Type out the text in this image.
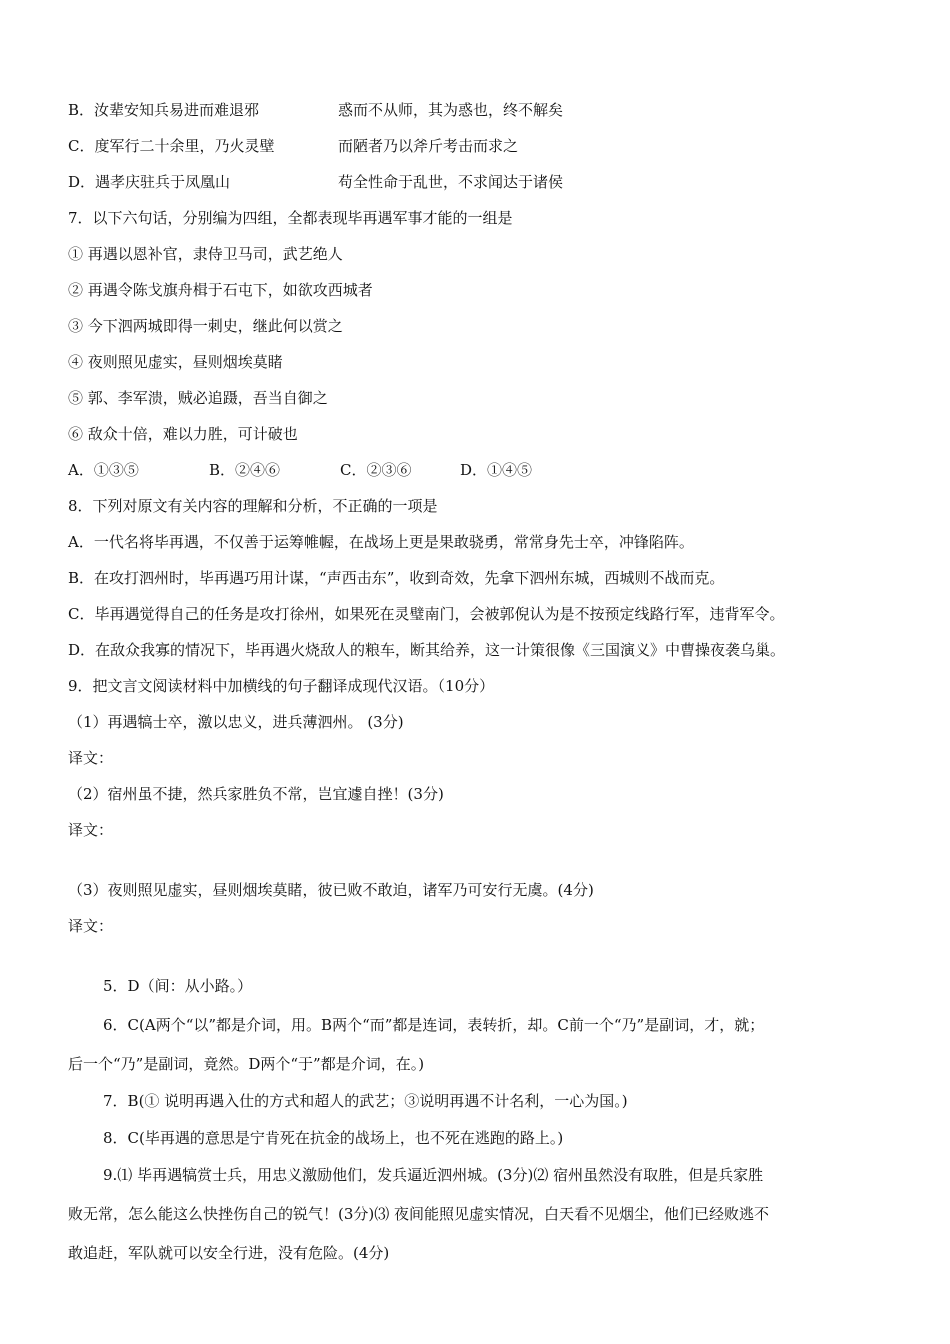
B．汝辈安知兵易进而难退邪	惑而不从师，其为惑也，终不解矣
C．度军行二十余里，乃火灵壁	而陋者乃以斧斤考击而求之
D．遇孝庆驻兵于凤凰山	苟全性命于乱世，不求闻达于诸侯
7．以下六句话，分别编为四组，全都表现毕再遇军事才能的一组是
① 再遇以恩补官，隶侍卫马司，武艺绝人
② 再遇令陈戈旗舟楫于石屯下，如欲攻西城者
③ 今下泗两城即得一刺史，继此何以赏之
④ 夜则照见虚实，昼则烟埃莫睹
⑤ 郭、李军溃，贼必追蹑，吾当自御之
⑥ 敌众十倍，难以力胜，可计破也
A．①③⑤	B．②④⑥	C．②③⑥	D．①④⑤
8．下列对原文有关内容的理解和分析，不正确的一项是
A．一代名将毕再遇，不仅善于运筹帷幄，在战场上更是果敢骁勇，常常身先士卒，冲锋陷阵。
B．在攻打泗州时，毕再遇巧用计谋，“声西击东”，收到奇效，先拿下泗州东城，西城则不战而克。
C．毕再遇觉得自己的任务是攻打徐州，如果死在灵璧南门，会被郭倪认为是不按预定线路行军，违背军令。
D．在敌众我寡的情况下，毕再遇火烧敌人的粮车，断其给养，这一计策很像《三国演义》中曹操夜袭乌巢。
9．把文言文阅读材料中加横线的句子翻译成现代汉语。（10分）
（1）再遇犒士卒，激以忠义，进兵薄泗州。 (3分)
译文：
（2）宿州虽不捷，然兵家胜负不常，岂宜遽自挫！(3分)
译文：
（3）夜则照见虚实，昼则烟埃莫睹，彼已败不敢迫，诸军乃可安行无虞。(4分)
译文：
5．D（间：从小路。）
6．C(A两个“以”都是介词，用。B两个“而”都是连词，表转折，却。C前一个“乃”是副词，才，就；
后一个“乃”是副词，竟然。D两个“于”都是介词，在。)
7．B(① 说明再遇入仕的方式和超人的武艺；③说明再遇不计名利，一心为国。)
8．C(毕再遇的意思是宁肯死在抗金的战场上，也不死在逃跑的路上。)
9.⑴ 毕再遇犒赏士兵，用忠义激励他们，发兵逼近泗州城。(3分)⑵ 宿州虽然没有取胜，但是兵家胜
败无常，怎么能这么快挫伤自己的锐气！(3分)⑶ 夜间能照见虚实情况，白天看不见烟尘，他们已经败逃不
敢追赶，军队就可以安全行进，没有危险。(4分)
